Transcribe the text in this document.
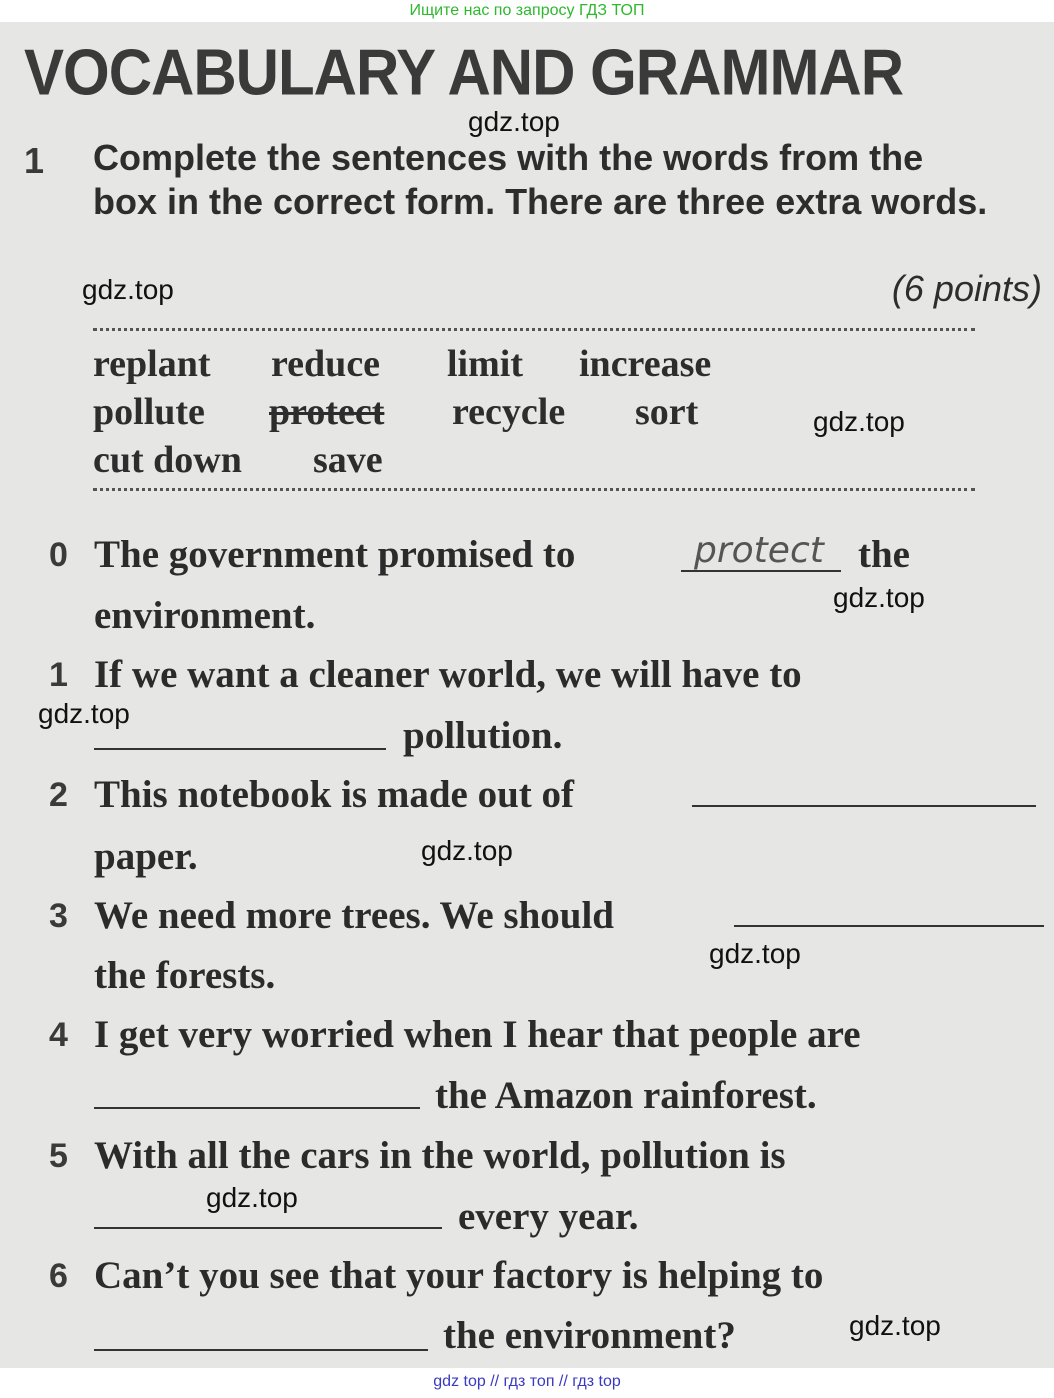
Ищите нас по запросу ГДЗ ТОП
VOCABULARY AND GRAMMAR
1 Complete the sentences with the words from the box in the correct form. There are three extra words.
(6 points)
replant reduce limit increase
pollute protect recycle sort
cut down save
0 The government promised to	protect the
environment.
1 If we want a cleaner world, we will have to
pollution.
2 This notebook is made out of
paper.
3 We need more trees. We should
the forests.
4 I get very worried when I hear that people are
the Amazon rainforest.
5 With all the cars in the world, pollution is
every year.
6 Can’t you see that your factory is helping to
the environment?
gdz.top
gdz.top
gdz.top
gdz.top
gdz.top
gdz.top
gdz.top
gdz.top
gdz.top
gdz top // гдз топ // гдз top
